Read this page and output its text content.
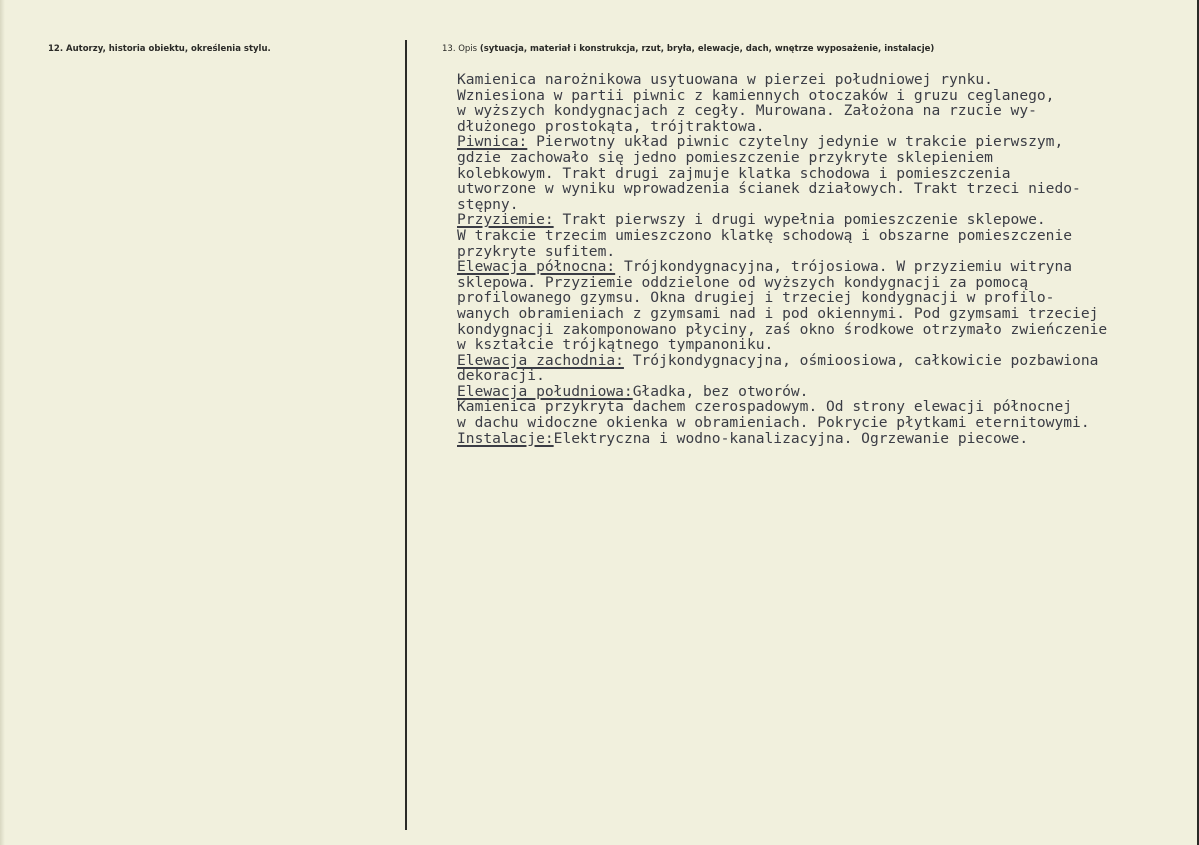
12. Autorzy, historia obiektu, określenia stylu.	13. Opis (sytuacja, materiał i konstrukcja, rzut, bryła, elewacje, dach, wnętrze wyposażenie, instalacje)
Kamienica narożnikowa usytuowana w pierzei południowej rynku.
Wzniesiona w partii piwnic z kamiennych otoczaków i gruzu ceglanego,
w wyższych kondygnacjach z cegły. Murowana. Założona na rzucie wy-
dłużonego prostokąta, trójtraktowa.
Piwnica: Pierwotny układ piwnic czytelny jedynie w trakcie pierwszym,
gdzie zachowało się jedno pomieszczenie przykryte sklepieniem
kolebkowym. Trakt drugi zajmuje klatka schodowa i pomieszczenia
utworzone w wyniku wprowadzenia ścianek działowych. Trakt trzeci niedo-
stępny.
Przyziemie: Trakt pierwszy i drugi wypełnia pomieszczenie sklepowe.
W trakcie trzecim umieszczono klatkę schodową i obszarne pomieszczenie
przykryte sufitem.
Elewacja północna: Trójkondygnacyjna, trójosiowa. W przyziemiu witryna
sklepowa. Przyziemie oddzielone od wyższych kondygnacji za pomocą
profilowanego gzymsu. Okna drugiej i trzeciej kondygnacji w profilo-
wanych obramieniach z gzymsami nad i pod okiennymi. Pod gzymsami trzeciej
kondygnacji zakomponowano płyciny, zaś okno środkowe otrzymało zwieńczenie
w kształcie trójkątnego tympanoniku.
Elewacja zachodnia: Trójkondygnacyjna, ośmioosiowa, całkowicie pozbawiona
dekoracji.
Elewacja południowa:Gładka, bez otworów.
Kamienica przykryta dachem czerospadowym. Od strony elewacji północnej
w dachu widoczne okienka w obramieniach. Pokrycie płytkami eternitowymi.
Instalacje:Elektryczna i wodno-kanalizacyjna. Ogrzewanie piecowe.
